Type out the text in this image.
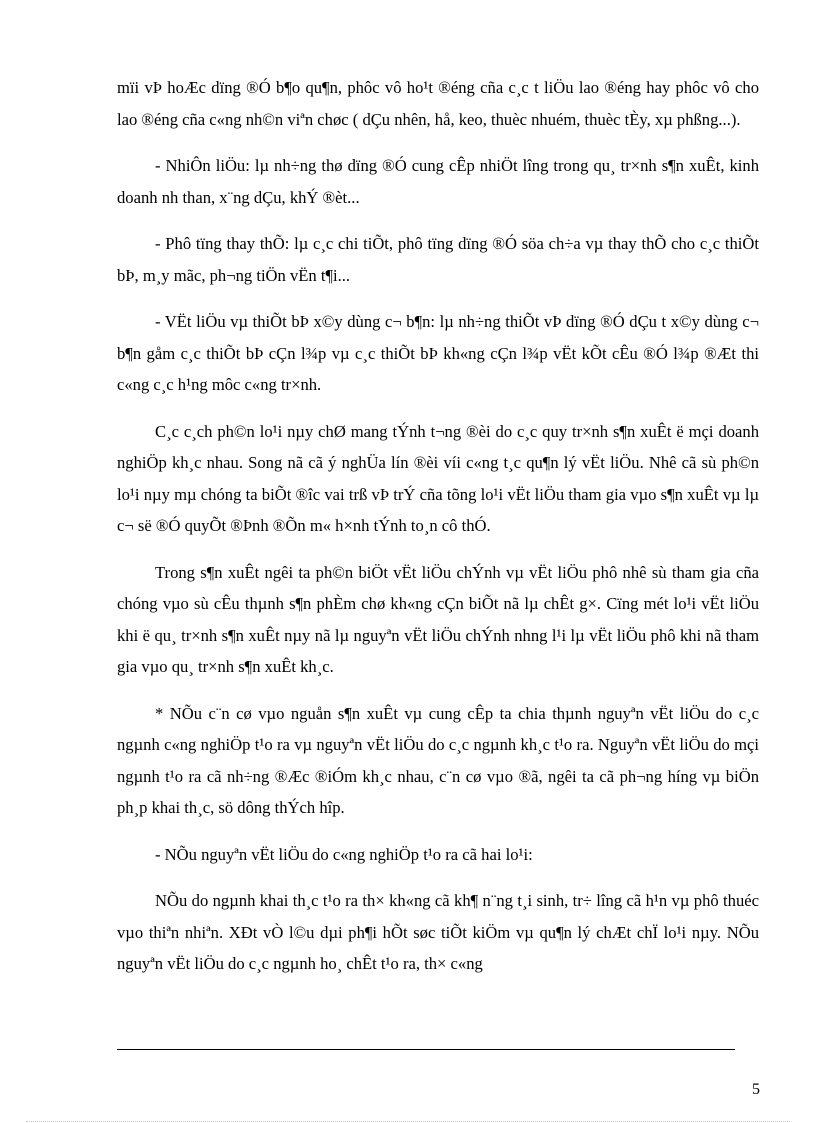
mïi vÞ hoÆc dïng ®Ó b¶o qu¶n, phôc vô ho¹t ®éng cña c¸c t liÖu lao ®éng hay phôc vô cho lao ®éng cña c«ng nh©n viªn chøc ( dÇu nhên, hå, keo, thuèc nhuém, thuèc tÈy, xµ phßng...).

- NhiÔn liÖu: lµ nh÷ng thø dïng ®Ó cung cÊp nhiÖt lîng trong qu¸ tr×nh s¶n xuÊt, kinh doanh nh than, x¨ng dÇu, khÝ ®èt...

- Phô tïng thay thÕ: lµ c¸c chi tiÕt, phô tïng dïng ®Ó söa ch÷a vµ thay thÕ cho c¸c thiÕt bÞ, m¸y mãc, ph¬ng tiÖn vËn t¶i...

- VËt liÖu vµ thiÕt bÞ x©y dùng c¬ b¶n: lµ nh÷ng thiÕt vÞ dïng ®Ó dÇu t x©y dùng c¬ b¶n gåm c¸c thiÕt bÞ cÇn l¾p vµ c¸c thiÕt bÞ kh«ng cÇn l¾p vËt kÕt cÊu ®Ó l¾p ®Æt thi c«ng c¸c h¹ng môc c«ng tr×nh.

C¸c c¸ch ph©n lo¹i nµy chØ mang tÝnh t¬ng ®èi do c¸c quy tr×nh s¶n xuÊt ë mçi doanh nghiÖp kh¸c nhau. Song nã cã ý nghÜa lín ®èi víi c«ng t¸c qu¶n lý vËt liÖu. Nhê cã sù ph©n lo¹i nµy mµ chóng ta biÕt ®îc vai trß vÞ trÝ cña tõng lo¹i vËt liÖu tham gia vµo s¶n xuÊt vµ lµ c¬ së ®Ó quyÕt ®Þnh ®Õn m« h×nh tÝnh to¸n cô thÓ.

Trong s¶n xuÊt ngêi ta ph©n biÖt vËt liÖu chÝnh vµ vËt liÖu phô nhê sù tham gia cña chóng vµo sù cÊu thµnh s¶n phÈm chø kh«ng cÇn biÕt nã lµ chÊt g×. Cïng mét lo¹i vËt liÖu khi ë qu¸ tr×nh s¶n xuÊt nµy nã lµ nguyªn vËt liÖu chÝnh nhng l¹i lµ vËt liÖu phô khi nã tham gia vµo qu¸ tr×nh s¶n xuÊt kh¸c.

* NÕu c¨n cø vµo nguån s¶n xuÊt vµ cung cÊp ta chia thµnh nguyªn vËt liÖu do c¸c ngµnh c«ng nghiÖp t¹o ra vµ nguyªn vËt liÖu do c¸c ngµnh kh¸c t¹o ra. Nguyªn vËt liÖu do mçi ngµnh t¹o ra cã nh÷ng ®Æc ®iÓm kh¸c nhau, c¨n cø vµo ®ã, ngêi ta cã ph¬ng híng vµ biÖn ph¸p khai th¸c, sö dông thÝch hîp.

- NÕu nguyªn vËt liÖu do c«ng nghiÖp t¹o ra cã hai lo¹i:

NÕu do ngµnh khai th¸c t¹o ra th× kh«ng cã kh¶ n¨ng t¸i sinh, tr÷ lîng cã h¹n vµ phô thuéc vµo thiªn nhiªn. XÐt vÒ l©u dµi ph¶i hÕt søc tiÕt kiÖm vµ qu¶n lý chÆt chÏ lo¹i nµy. NÕu nguyªn vËt liÖu do c¸c ngµnh ho¸ chÊt t¹o ra, th× c«ng

5
